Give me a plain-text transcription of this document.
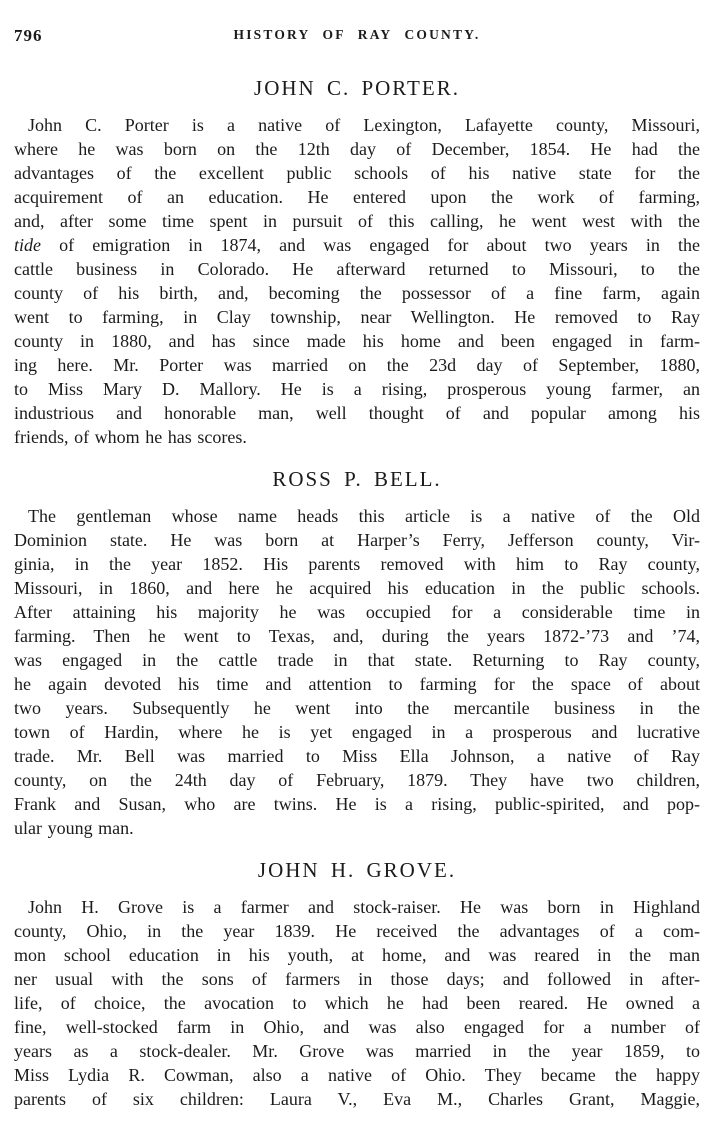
796	HISTORY OF RAY COUNTY.
JOHN C. PORTER.
John C. Porter is a native of Lexington, Lafayette county, Missouri,
where he was born on the 12th day of December, 1854. He had the
advantages of the excellent public schools of his native state for the
acquirement of an education. He entered upon the work of farming,
and, after some time spent in pursuit of this calling, he went west with the
tide of emigration in 1874, and was engaged for about two years in the
cattle business in Colorado. He afterward returned to Missouri, to the
county of his birth, and, becoming the possessor of a fine farm, again
went to farming, in Clay township, near Wellington. He removed to Ray
county in 1880, and has since made his home and been engaged in farm-
ing here. Mr. Porter was married on the 23d day of September, 1880,
to Miss Mary D. Mallory. He is a rising, prosperous young farmer, an
industrious and honorable man, well thought of and popular among his
friends, of whom he has scores.
ROSS P. BELL.
The gentleman whose name heads this article is a native of the Old
Dominion state. He was born at Harper’s Ferry, Jefferson county, Vir-
ginia, in the year 1852. His parents removed with him to Ray county,
Missouri, in 1860, and here he acquired his education in the public schools.
After attaining his majority he was occupied for a considerable time in
farming. Then he went to Texas, and, during the years 1872-’73 and ’74,
was engaged in the cattle trade in that state. Returning to Ray county,
he again devoted his time and attention to farming for the space of about
two years. Subsequently he went into the mercantile business in the
town of Hardin, where he is yet engaged in a prosperous and lucrative
trade. Mr. Bell was married to Miss Ella Johnson, a native of Ray
county, on the 24th day of February, 1879. They have two children,
Frank and Susan, who are twins. He is a rising, public-spirited, and pop-
ular young man.
JOHN H. GROVE.
John H. Grove is a farmer and stock-raiser. He was born in Highland
county, Ohio, in the year 1839. He received the advantages of a com-
mon school education in his youth, at home, and was reared in the man
ner usual with the sons of farmers in those days; and followed in after-
life, of choice, the avocation to which he had been reared. He owned a
fine, well-stocked farm in Ohio, and was also engaged for a number of
years as a stock-dealer. Mr. Grove was married in the year 1859, to
Miss Lydia R. Cowman, also a native of Ohio. They became the happy
parents of six children: Laura V., Eva M., Charles Grant, Maggie,
